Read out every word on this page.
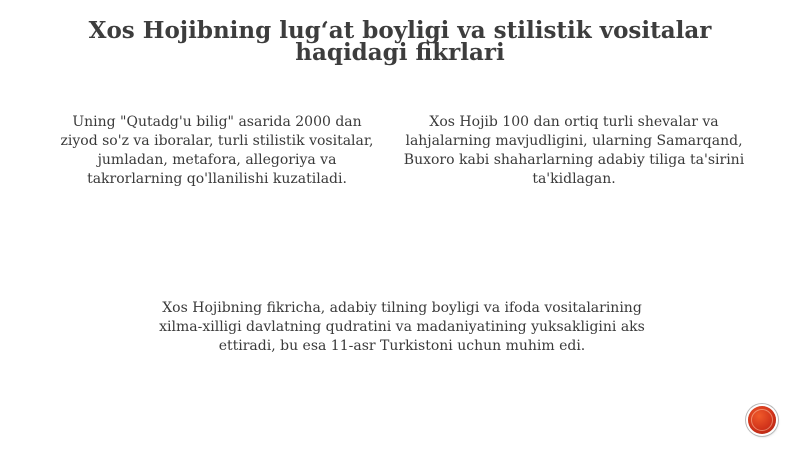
Xos Hojibning lug‘at boyligi va stilistik vositalar haqidagi fikrlari

Uning "Qutadg'u bilig" asarida 2000 dan ziyod so'z va iboralar, turli stilistik vositalar, jumladan, metafora, allegoriya va takrorlarning qo'llanilishi kuzatiladi.

Xos Hojib 100 dan ortiq turli shevalar va lahjalarning mavjudligini, ularning Samarqand, Buxoro kabi shaharlarning adabiy tiliga ta'sirini ta'kidlagan.

Xos Hojibning fikricha, adabiy tilning boyligi va ifoda vositalarining xilma-xilligi davlatning qudratini va madaniyatining yuksakligini aks ettiradi, bu esa 11-asr Turkistoni uchun muhim edi.
